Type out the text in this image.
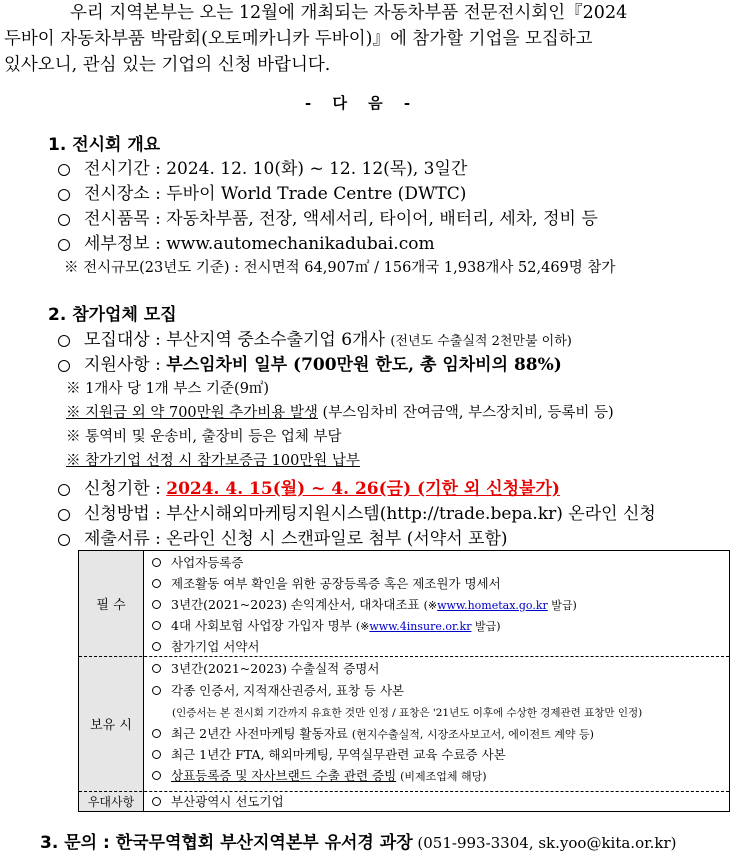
우리 지역본부는 오는 12월에 개최되는 자동차부품 전문전시회인『2024
두바이 자동차부품 박람회(오토메카니카 두바이)』에 참가할 기업을 모집하고
있사오니, 관심 있는 기업의 신청 바랍니다.
- 다 음 -
1. 전시회 개요
전시기간 : 2024. 12. 10(화) ~ 12. 12(목), 3일간
전시장소 : 두바이 World Trade Centre (DWTC)
전시품목 : 자동차부품, 전장, 액세서리, 타이어, 배터리, 세차, 정비 등
세부정보 : www.automechanikadubai.com
※ 전시규모(23년도 기준) : 전시면적 64,907㎡ / 156개국 1,938개사 52,469명 참가
2. 참가업체 모집
모집대상 : 부산지역 중소수출기업 6개사 (전년도 수출실적 2천만불 이하)
지원사항 : 부스임차비 일부 (700만원 한도, 총 임차비의 88%)
※ 1개사 당 1개 부스 기준(9㎡)
※ 지원금 외 약 700만원 추가비용 발생 (부스임차비 잔여금액, 부스장치비, 등록비 등)
※ 통역비 및 운송비, 출장비 등은 업체 부담
※ 참가기업 선정 시 참가보증금 100만원 납부
신청기한 : 2024. 4. 15(월) ~ 4. 26(금) (기한 외 신청불가)
신청방법 : 부산시해외마케팅지원시스템(http://trade.bepa.kr) 온라인 신청
제출서류 : 온라인 신청 시 스캔파일로 첨부 (서약서 포함)
필 수
보유 시
우대사항
사업자등록증
제조활동 여부 확인을 위한 공장등록증 혹은 제조원가 명세서
3년간(2021~2023) 손익계산서, 대차대조표 (※www.hometax.go.kr 발급)
4대 사회보험 사업장 가입자 명부 (※www.4insure.or.kr 발급)
참가기업 서약서
3년간(2021~2023) 수출실적 증명서
각종 인증서, 지적재산권증서, 표창 등 사본
(인증서는 본 전시회 기간까지 유효한 것만 인정 / 표창은 '21년도 이후에 수상한 경제관련 표창만 인정)
최근 2년간 사전마케팅 활동자료 (현지수출실적, 시장조사보고서, 에이전트 계약 등)
최근 1년간 FTA, 해외마케팅, 무역실무관련 교육 수료증 사본
상표등록증 및 자사브랜드 수출 관련 증빙 (비제조업체 해당)
부산광역시 선도기업
3. 문의 : 한국무역협회 부산지역본부 유서경 과장 (051-993-3304, sk.yoo@kita.or.kr)
